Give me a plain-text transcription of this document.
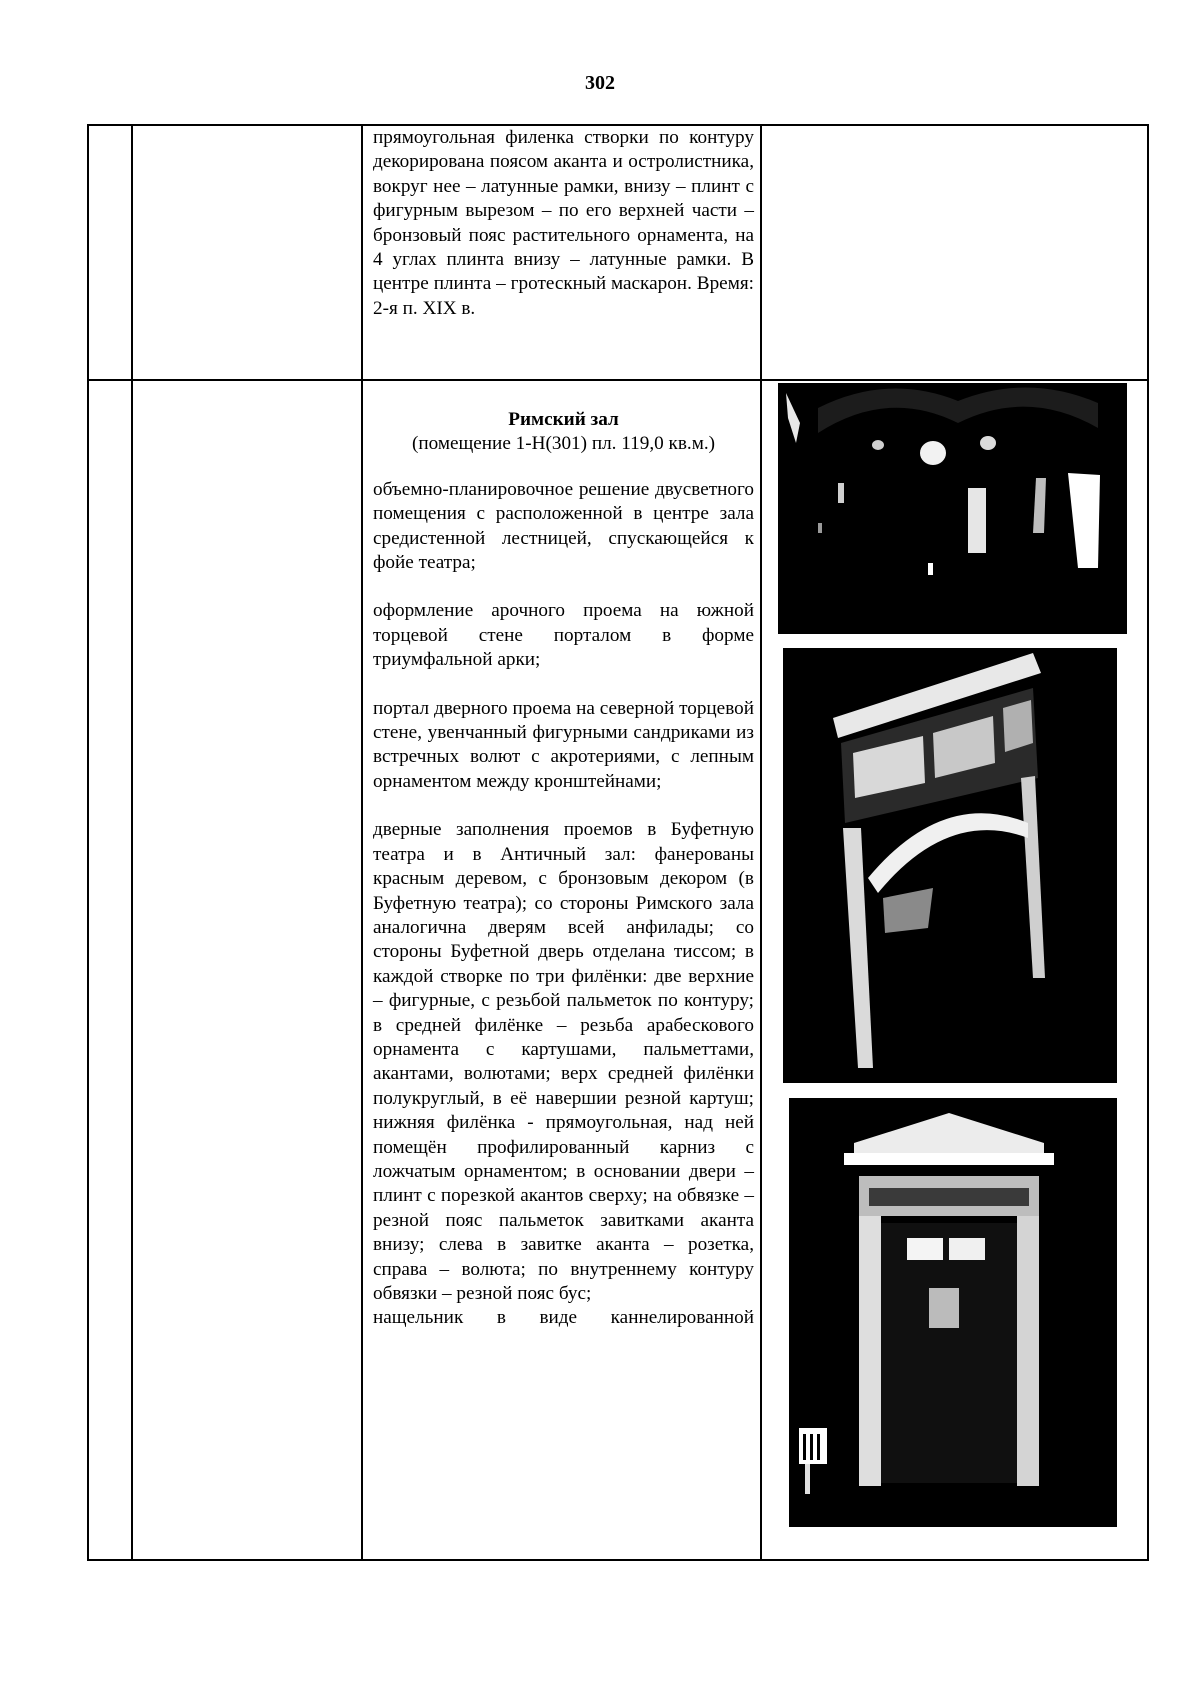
302
прямоугольная филенка створки по контуру декорирована поясом аканта и остролистника, вокруг нее – латунные рамки, внизу – плинт с фигурным вырезом – по его верхней части – бронзовый пояс растительного орнамента, на 4 углах плинта внизу – латунные рамки. В центре плинта – гротескный маскарон. Время: 2-я п. XIX в.
Римский зал
(помещение 1-Н(301) пл. 119,0 кв.м.)

объемно-планировочное решение двусветного помещения с расположенной в центре зала средистенной лестницей, спускающейся к фойе театра;

оформление арочного проема на южной торцевой стене порталом в форме триумфальной арки;

портал дверного проема на северной торцевой стене, увенчанный фигурными сандриками из встречных волют с акротериями, с лепным орнаментом между кронштейнами;

дверные заполнения проемов в Буфетную театра и в Античный зал: фанерованы красным деревом, с бронзовым декором (в Буфетную театра); со стороны Римского зала аналогична дверям всей анфилады; со стороны Буфетной дверь отделана тиссом; в каждой створке по три филёнки: две верхние – фигурные, с резьбой пальметок по контуру; в средней филёнке – резьба арабескового орнамента с картушами, пальметтами, акантами, волютами; верх средней филёнки полукруглый, в её навершии резной картуш; нижняя филёнка - прямоугольная, над ней помещён профилированный карниз с ложчатым орнаментом; в основании двери – плинт с порезкой акантов сверху; на обвязке – резной пояс пальметок завитками аканта внизу; слева в завитке аканта – розетка, справа – волюта; по внутреннему контуру обвязки – резной пояс бус;
нащельник в виде каннелированной
